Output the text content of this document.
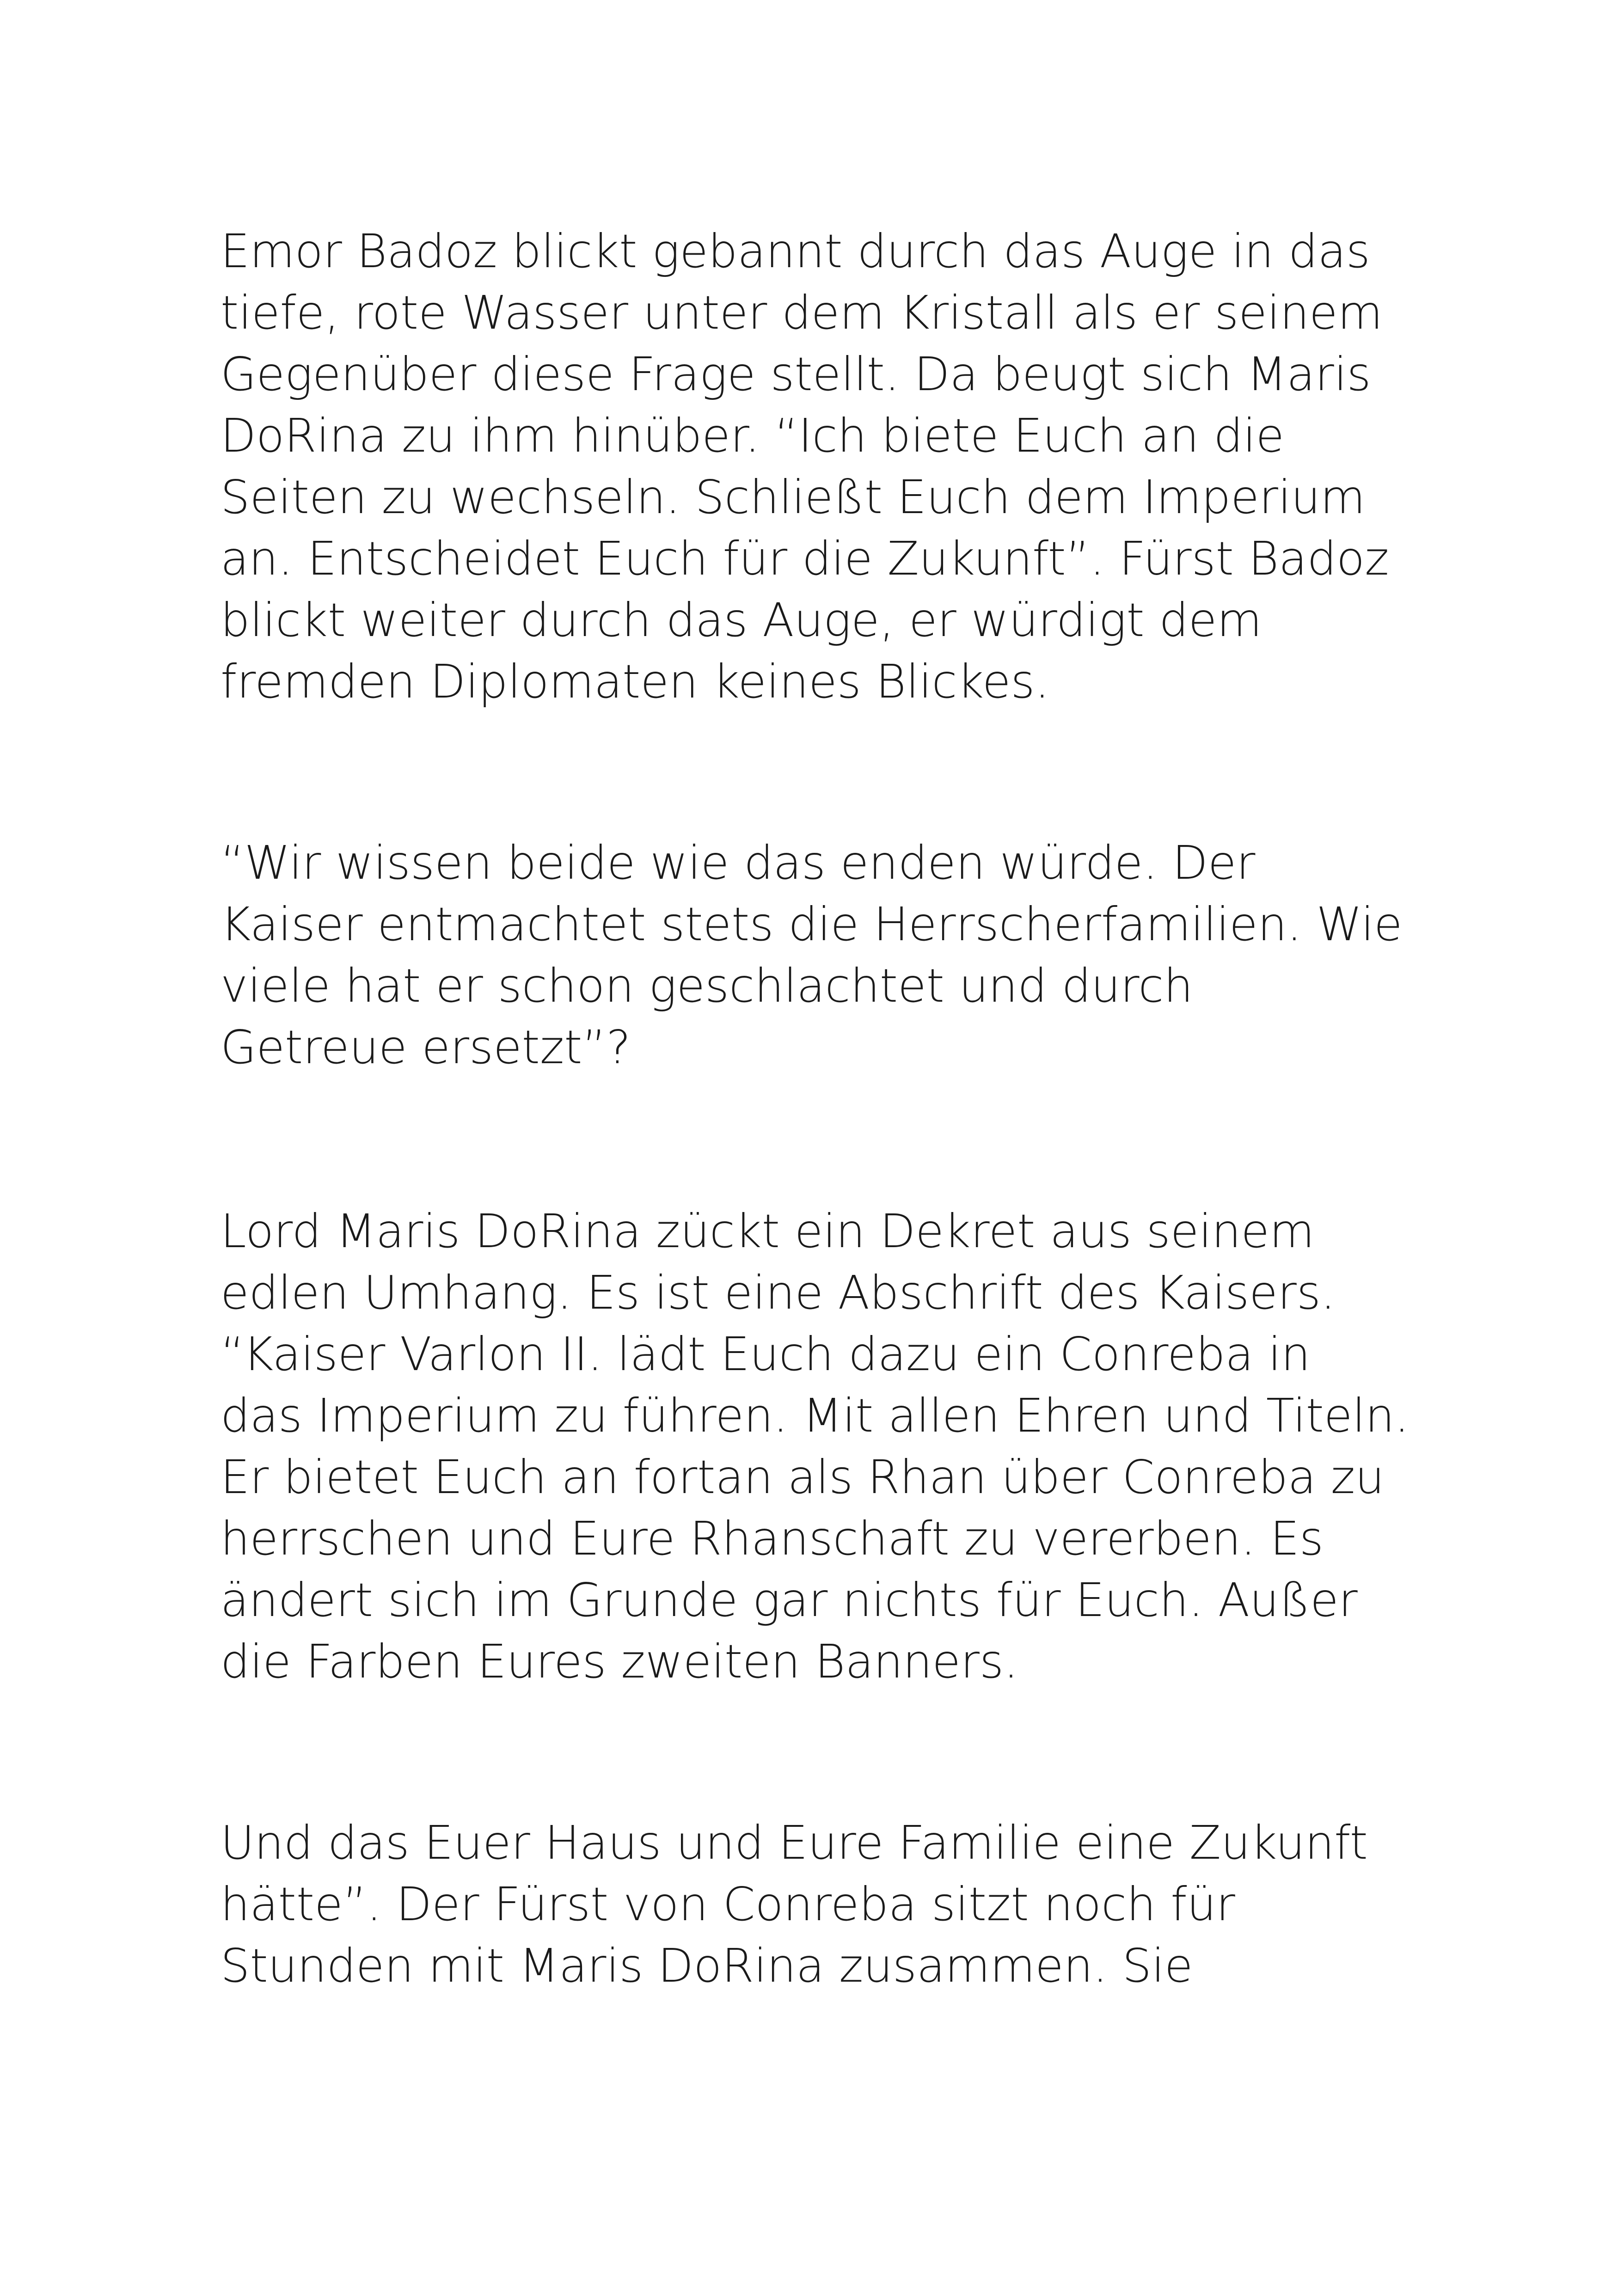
Emor Badoz blickt gebannt durch das Auge in das
tiefe, rote Wasser unter dem Kristall als er seinem
Gegenüber diese Frage stellt. Da beugt sich Maris
DoRina zu ihm hinüber. “Ich biete Euch an die
Seiten zu wechseln. Schließt Euch dem Imperium
an. Entscheidet Euch für die Zukunft”. Fürst Badoz
blickt weiter durch das Auge, er würdigt dem
fremden Diplomaten keines Blickes.
“Wir wissen beide wie das enden würde. Der
Kaiser entmachtet stets die Herrscherfamilien. Wie
viele hat er schon geschlachtet und durch
Getreue ersetzt”?
Lord Maris DoRina zückt ein Dekret aus seinem
edlen Umhang. Es ist eine Abschrift des Kaisers.
“Kaiser Varlon II. lädt Euch dazu ein Conreba in
das Imperium zu führen. Mit allen Ehren und Titeln.
Er bietet Euch an fortan als Rhan über Conreba zu
herrschen und Eure Rhanschaft zu vererben. Es
ändert sich im Grunde gar nichts für Euch. Außer
die Farben Eures zweiten Banners.
Und das Euer Haus und Eure Familie eine Zukunft
hätte”. Der Fürst von Conreba sitzt noch für
Stunden mit Maris DoRina zusammen. Sie
